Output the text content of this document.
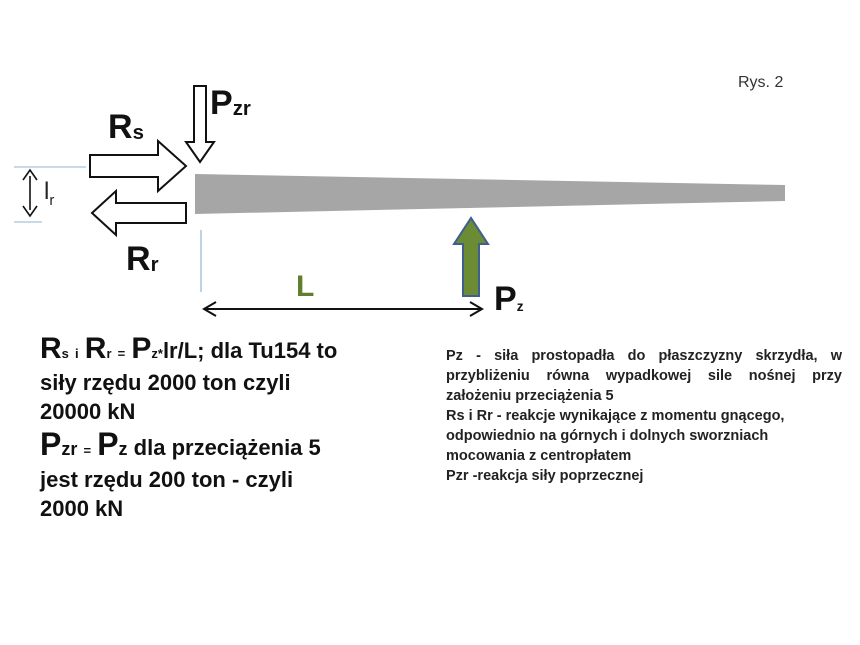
Rys. 2
$P_{zr}$
$R_s$
$R_r$
L
$l_r$
$P_z$
Rs i Rr = Pz*lr/L; dla Tu154 to
siły rzędu 2000 ton czyli
20000 kN
Pzr = Pz dla przeciążenia 5
jest rzędu 200 ton - czyli
2000 kN

Pz - siła prostopadła do płaszczyzny skrzydła, w przybliżeniu równa wypadkowej sile nośnej przy założeniu przeciążenia 5

Rs i Rr - reakcje wynikające z momentu gnącego, odpowiednio na górnych i dolnych sworzniach mocowania z centropłatem

Pzr -reakcja siły poprzecznej
